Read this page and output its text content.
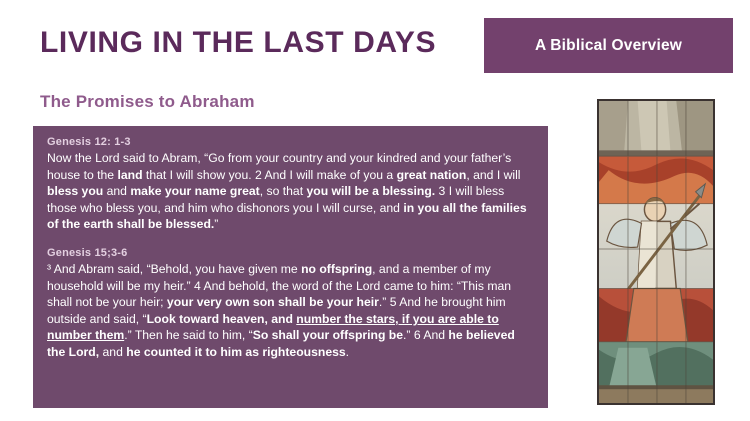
LIVING IN THE LAST DAYS	A Biblical Overview
The Promises to Abraham
Genesis 12: 1-3

Now the Lord said to Abram, “Go from your country and your kindred and your father’s house to the land that I will show you. 2 And I will make of you a great nation, and I will bless you and make your name great, so that you will be a blessing. 3 I will bless those who bless you, and him who dishonors you I will curse, and in you all the families of the earth shall be blessed.”

Genesis 15;3-6

³ And Abram said, “Behold, you have given me no offspring, and a member of my household will be my heir.” 4 And behold, the word of the Lord came to him: “This man shall not be your heir; your very own son shall be your heir.” 5 And he brought him outside and said, “Look toward heaven, and number the stars, if you are able to number them.” Then he said to him, “So shall your offspring be.” 6 And he believed the Lord, and he counted it to him as righteousness.
